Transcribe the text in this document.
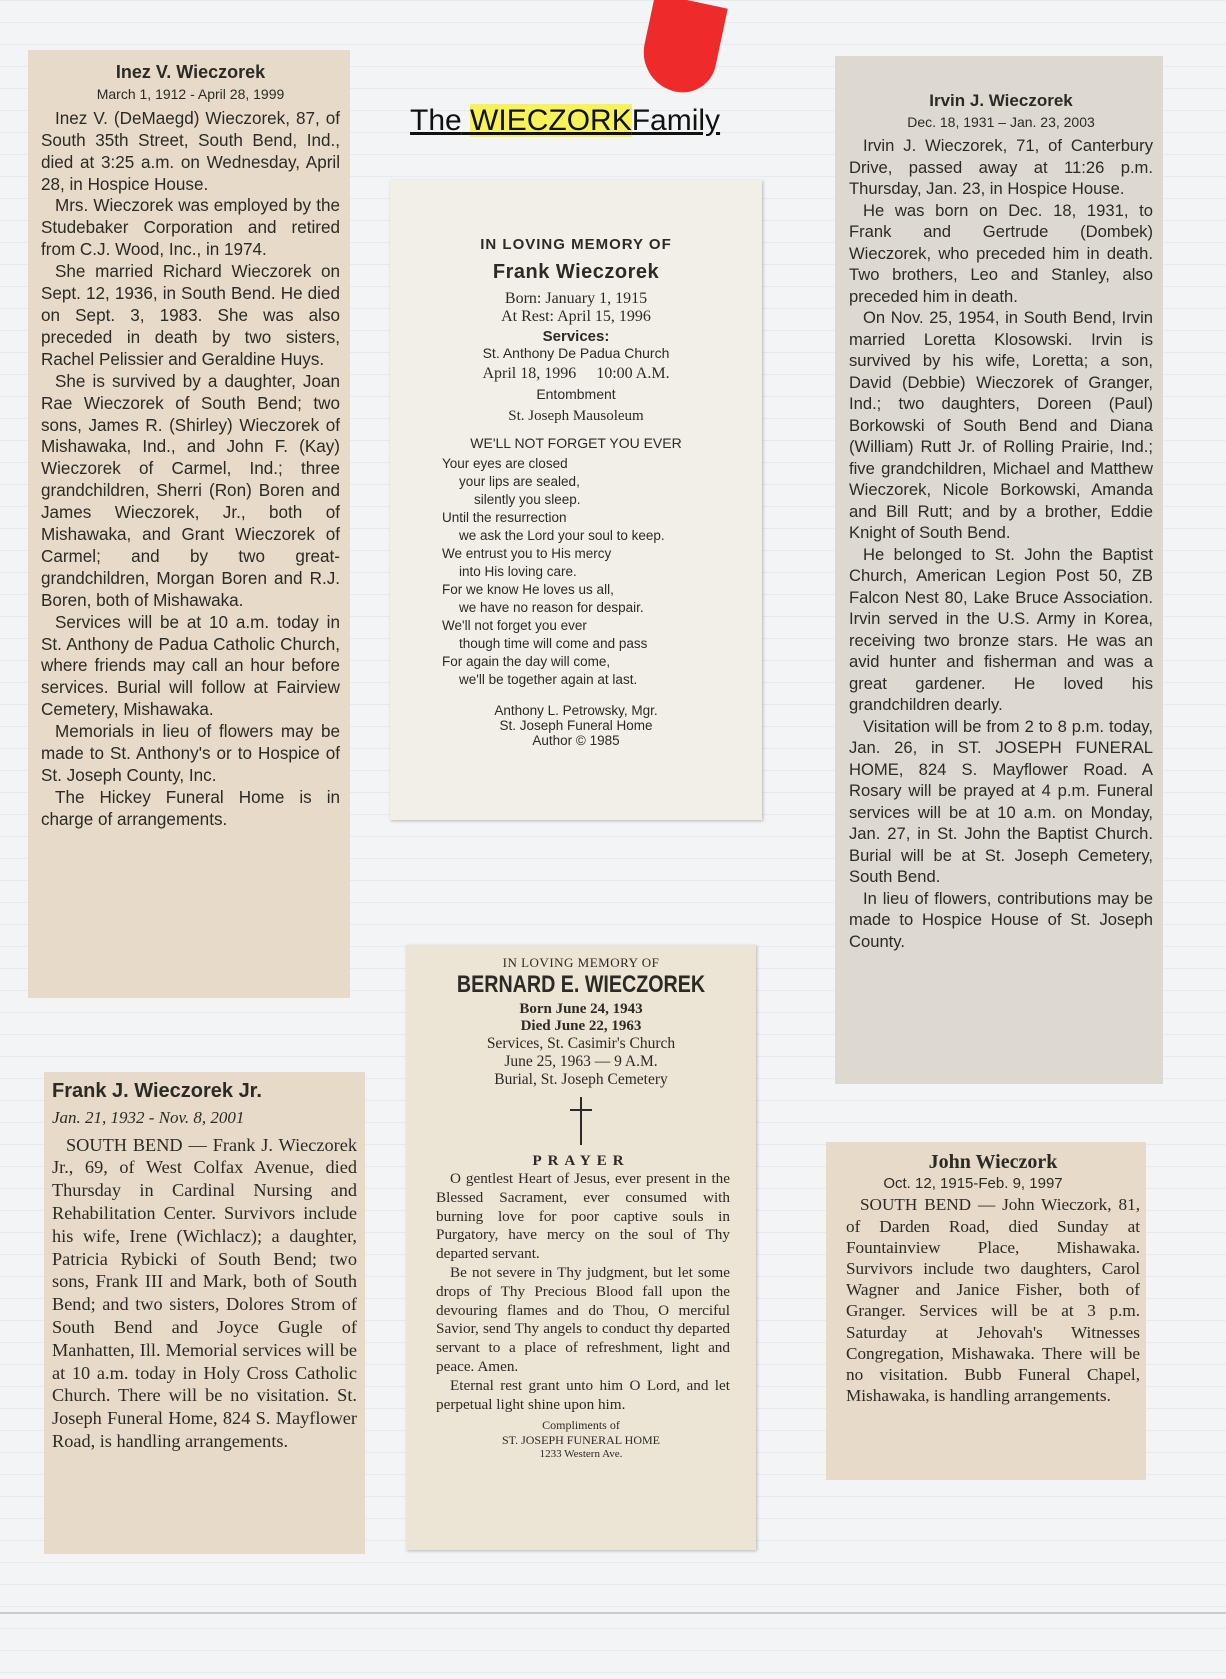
The WIECZORKFamily
Inez V. Wieczorek
March 1, 1912 - April 28, 1999

Inez V. (DeMaegd) Wieczorek, 87, of South 35th Street, South Bend, Ind., died at 3:25 a.m. on Wednesday, April 28, in Hospice House.

Mrs. Wieczorek was employed by the Studebaker Corporation and retired from C.J. Wood, Inc., in 1974.

She married Richard Wieczorek on Sept. 12, 1936, in South Bend. He died on Sept. 3, 1983. She was also preceded in death by two sisters, Rachel Pelissier and Geraldine Huys.

She is survived by a daughter, Joan Rae Wieczorek of South Bend; two sons, James R. (Shirley) Wieczorek of Mishawaka, Ind., and John F. (Kay) Wieczorek of Carmel, Ind.; three grandchildren, Sherri (Ron) Boren and James Wieczorek, Jr., both of Mishawaka, and Grant Wieczorek of Carmel; and by two great-grandchildren, Morgan Boren and R.J. Boren, both of Mishawaka.

Services will be at 10 a.m. today in St. Anthony de Padua Catholic Church, where friends may call an hour before services. Burial will follow at Fairview Cemetery, Mishawaka.

Memorials in lieu of flowers may be made to St. Anthony's or to Hospice of St. Joseph County, Inc.

The Hickey Funeral Home is in charge of arrangements.

IN LOVING MEMORY OF
Frank Wieczorek
Born: January 1, 1915
At Rest: April 15, 1996
Services:
St. Anthony De Padua Church
April 18, 1996 10:00 A.M.
Entombment
St. Joseph Mausoleum
WE'LL NOT FORGET YOU EVER
Your eyes are closed
your lips are sealed,
silently you sleep.
Until the resurrection
we ask the Lord your soul to keep.
We entrust you to His mercy
into His loving care.
For we know He loves us all,
we have no reason for despair.
We'll not forget you ever
though time will come and pass
For again the day will come,
we'll be together again at last.
Anthony L. Petrowsky, Mgr.
St. Joseph Funeral Home
Author © 1985
Irvin J. Wieczorek
Dec. 18, 1931 – Jan. 23, 2003

Irvin J. Wieczorek, 71, of Canterbury Drive, passed away at 11:26 p.m. Thursday, Jan. 23, in Hospice House.

He was born on Dec. 18, 1931, to Frank and Gertrude (Dombek) Wieczorek, who preceded him in death. Two brothers, Leo and Stanley, also preceded him in death.

On Nov. 25, 1954, in South Bend, Irvin married Loretta Klosowski. Irvin is survived by his wife, Loretta; a son, David (Debbie) Wieczorek of Granger, Ind.; two daughters, Doreen (Paul) Borkowski of South Bend and Diana (William) Rutt Jr. of Rolling Prairie, Ind.; five grandchildren, Michael and Matthew Wieczorek, Nicole Borkowski, Amanda and Bill Rutt; and by a brother, Eddie Knight of South Bend.

He belonged to St. John the Baptist Church, American Legion Post 50, ZB Falcon Nest 80, Lake Bruce Association. Irvin served in the U.S. Army in Korea, receiving two bronze stars. He was an avid hunter and fisherman and was a great gardener. He loved his grandchildren dearly.

Visitation will be from 2 to 8 p.m. today, Jan. 26, in ST. JOSEPH FUNERAL HOME, 824 S. Mayflower Road. A Rosary will be prayed at 4 p.m. Funeral services will be at 10 a.m. on Monday, Jan. 27, in St. John the Baptist Church. Burial will be at St. Joseph Cemetery, South Bend.

In lieu of flowers, contributions may be made to Hospice House of St. Joseph County.

Frank J. Wieczorek Jr.
Jan. 21, 1932 - Nov. 8, 2001

SOUTH BEND — Frank J. Wieczorek Jr., 69, of West Colfax Avenue, died Thursday in Cardinal Nursing and Rehabilitation Center. Survivors include his wife, Irene (Wichlacz); a daughter, Patricia Rybicki of South Bend; two sons, Frank III and Mark, both of South Bend; and two sisters, Dolores Strom of South Bend and Joyce Gugle of Manhatten, Ill. Memorial services will be at 10 a.m. today in Holy Cross Catholic Church. There will be no visitation. St. Joseph Funeral Home, 824 S. Mayflower Road, is handling arrangements.

IN LOVING MEMORY OF
BERNARD E. WIECZOREK
Born June 24, 1943
Died June 22, 1963
Services, St. Casimir's Church
June 25, 1963 — 9 A.M.
Burial, St. Joseph Cemetery
PRAYER

O gentlest Heart of Jesus, ever present in the Blessed Sacrament, ever consumed with burning love for poor captive souls in Purgatory, have mercy on the soul of Thy departed servant.

Be not severe in Thy judgment, but let some drops of Thy Precious Blood fall upon the devouring flames and do Thou, O merciful Savior, send Thy angels to conduct thy departed servant to a place of refreshment, light and peace. Amen.

Eternal rest grant unto him O Lord, and let perpetual light shine upon him.

Compliments of
ST. JOSEPH FUNERAL HOME
1233 Western Ave.
John Wieczork
Oct. 12, 1915-Feb. 9, 1997

SOUTH BEND — John Wieczork, 81, of Darden Road, died Sunday at Fountainview Place, Mishawaka. Survivors include two daughters, Carol Wagner and Janice Fisher, both of Granger. Services will be at 3 p.m. Saturday at Jehovah's Witnesses Congregation, Mishawaka. There will be no visitation. Bubb Funeral Chapel, Mishawaka, is handling arrangements.
